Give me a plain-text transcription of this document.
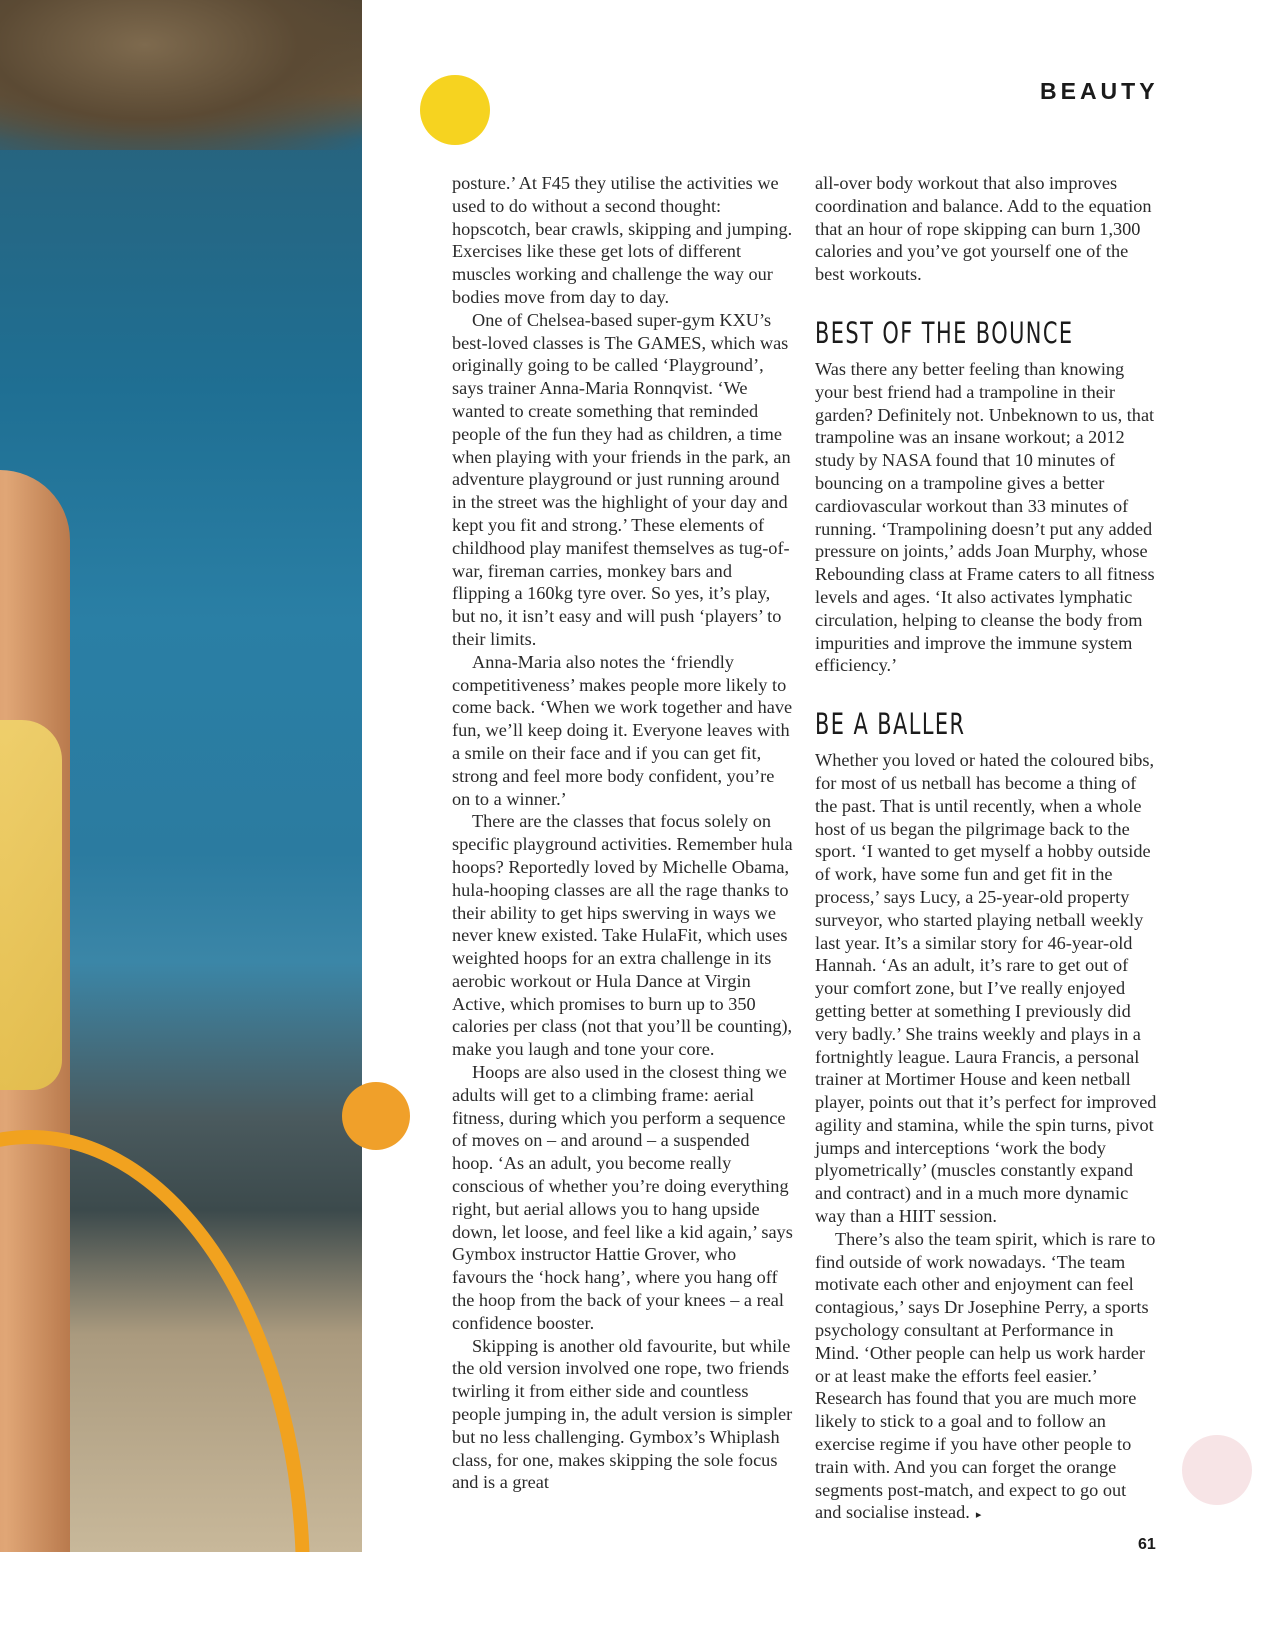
BEAUTY

posture.’ At F45 they utilise the activities we used to do without a second thought: hopscotch, bear crawls, skipping and jumping. Exercises like these get lots of different muscles working and challenge the way our bodies move from day to day.

One of Chelsea-based super-gym KXU’s best-loved classes is The GAMES, which was originally going to be called ‘Playground’, says trainer Anna-Maria Ronnqvist. ‘We wanted to create something that reminded people of the fun they had as children, a time when playing with your friends in the park, an adventure playground or just running around in the street was the highlight of your day and kept you fit and strong.’ These elements of childhood play manifest themselves as tug-of-war, fireman carries, monkey bars and flipping a 160kg tyre over. So yes, it’s play, but no, it isn’t easy and will push ‘players’ to their limits.

Anna-Maria also notes the ‘friendly competitiveness’ makes people more likely to come back. ‘When we work together and have fun, we’ll keep doing it. Everyone leaves with a smile on their face and if you can get fit, strong and feel more body confident, you’re on to a winner.’

There are the classes that focus solely on specific playground activities. Remember hula hoops? Reportedly loved by Michelle Obama, hula-hooping classes are all the rage thanks to their ability to get hips swerving in ways we never knew existed. Take HulaFit, which uses weighted hoops for an extra challenge in its aerobic workout or Hula Dance at Virgin Active, which promises to burn up to 350 calories per class (not that you’ll be counting), make you laugh and tone your core.

Hoops are also used in the closest thing we adults will get to a climbing frame: aerial fitness, during which you perform a sequence of moves on – and around – a suspended hoop. ‘As an adult, you become really conscious of whether you’re doing everything right, but aerial allows you to hang upside down, let loose, and feel like a kid again,’ says Gymbox instructor Hattie Grover, who favours the ‘hock hang’, where you hang off the hoop from the back of your knees – a real confidence booster.

Skipping is another old favourite, but while the old version involved one rope, two friends twirling it from either side and countless people jumping in, the adult version is simpler but no less challenging. Gymbox’s Whiplash class, for one, makes skipping the sole focus and is a great

all-over body workout that also improves coordination and balance. Add to the equation that an hour of rope skipping can burn 1,300 calories and you’ve got yourself one of the best workouts.

BEST OF THE BOUNCE

Was there any better feeling than knowing your best friend had a trampoline in their garden? Definitely not. Unbeknown to us, that trampoline was an insane workout; a 2012 study by NASA found that 10 minutes of bouncing on a trampoline gives a better cardiovascular workout than 33 minutes of running. ‘Trampolining doesn’t put any added pressure on joints,’ adds Joan Murphy, whose Rebounding class at Frame caters to all fitness levels and ages. ‘It also activates lymphatic circulation, helping to cleanse the body from impurities and improve the immune system efficiency.’

BE A BALLER

Whether you loved or hated the coloured bibs, for most of us netball has become a thing of the past. That is until recently, when a whole host of us began the pilgrimage back to the sport. ‘I wanted to get myself a hobby outside of work, have some fun and get fit in the process,’ says Lucy, a 25-year-old property surveyor, who started playing netball weekly last year. It’s a similar story for 46-year-old Hannah. ‘As an adult, it’s rare to get out of your comfort zone, but I’ve really enjoyed getting better at something I previously did very badly.’ She trains weekly and plays in a fortnightly league. Laura Francis, a personal trainer at Mortimer House and keen netball player, points out that it’s perfect for improved agility and stamina, while the spin turns, pivot jumps and interceptions ‘work the body plyometrically’ (muscles constantly expand and contract) and in a much more dynamic way than a HIIT session.

There’s also the team spirit, which is rare to find outside of work nowadays. ‘The team motivate each other and enjoyment can feel contagious,’ says Dr Josephine Perry, a sports psychology consultant at Performance in Mind. ‘Other people can help us work harder or at least make the efforts feel easier.’ Research has found that you are much more likely to stick to a goal and to follow an exercise regime if you have other people to train with. And you can forget the orange segments post-match, and expect to go out and socialise instead. ▸

61
